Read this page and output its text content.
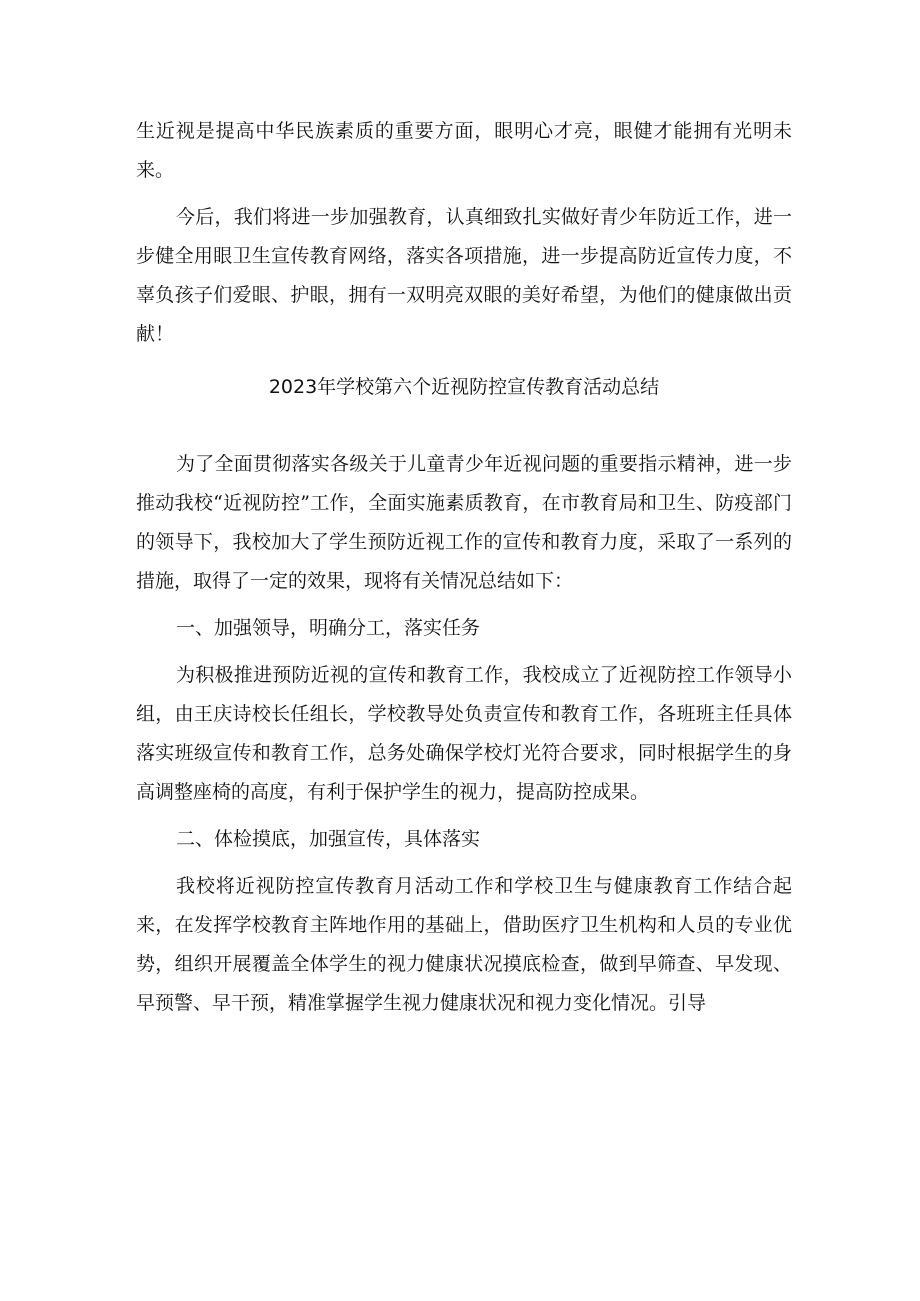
生近视是提高中华民族素质的重要方面，眼明心才亮，眼健才能拥有光明未来。

今后，我们将进一步加强教育，认真细致扎实做好青少年防近工作，进一步健全用眼卫生宣传教育网络，落实各项措施，进一步提高防近宣传力度，不辜负孩子们爱眼、护眼，拥有一双明亮双眼的美好希望，为他们的健康做出贡献！

2023年学校第六个近视防控宣传教育活动总结

为了全面贯彻落实各级关于儿童青少年近视问题的重要指示精神，进一步推动我校“近视防控”工作，全面实施素质教育，在市教育局和卫生、防疫部门的领导下，我校加大了学生预防近视工作的宣传和教育力度，采取了一系列的措施，取得了一定的效果，现将有关情况总结如下：

一、加强领导，明确分工，落实任务

为积极推进预防近视的宣传和教育工作，我校成立了近视防控工作领导小组，由王庆诗校长任组长，学校教导处负责宣传和教育工作，各班班主任具体落实班级宣传和教育工作，总务处确保学校灯光符合要求，同时根据学生的身高调整座椅的高度，有利于保护学生的视力，提高防控成果。

二、体检摸底，加强宣传，具体落实

我校将近视防控宣传教育月活动工作和学校卫生与健康教育工作结合起来，在发挥学校教育主阵地作用的基础上，借助医疗卫生机构和人员的专业优势，组织开展覆盖全体学生的视力健康状况摸底检查，做到早筛查、早发现、早预警、早干预，精准掌握学生视力健康状况和视力变化情况。引导
